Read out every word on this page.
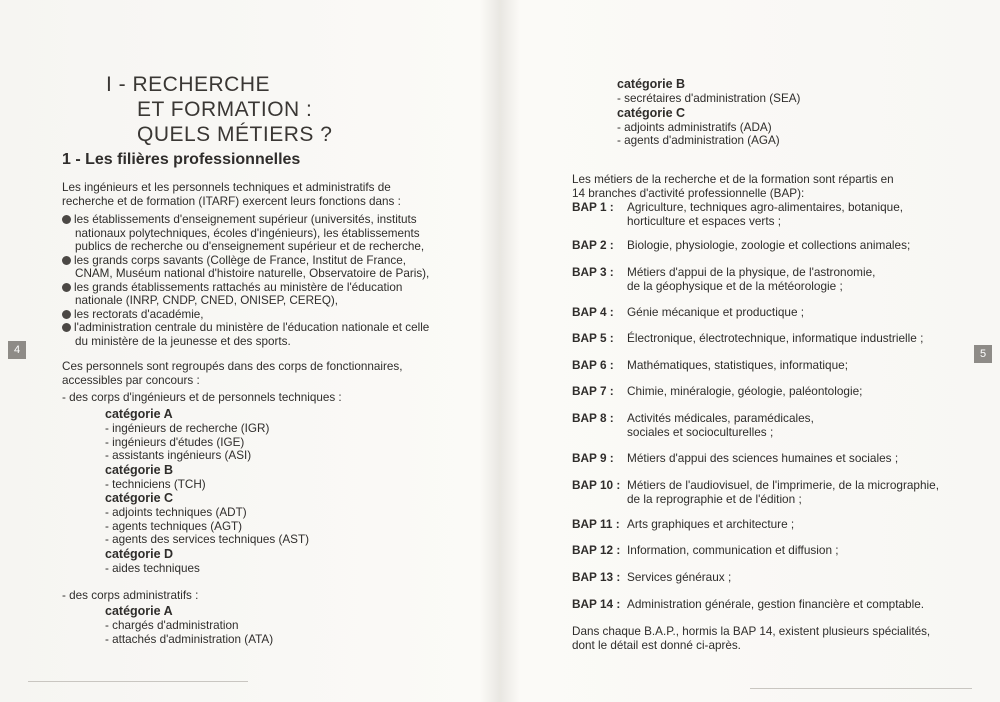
4
I - RECHERCHE
ET FORMATION :
QUELS MÉTIERS ?
1 - Les filières professionnelles
Les ingénieurs et les personnels techniques et administratifs de
recherche et de formation (ITARF) exercent leurs fonctions dans :
les établissements d'enseignement supérieur (universités, instituts
nationaux polytechniques, écoles d'ingénieurs), les établissements
publics de recherche ou d'enseignement supérieur et de recherche,
les grands corps savants (Collège de France, Institut de France,
CNAM, Muséum national d'histoire naturelle, Observatoire de Paris),
les grands établissements rattachés au ministère de l'éducation
nationale (INRP, CNDP, CNED, ONISEP, CEREQ),
les rectorats d'académie,
l'administration centrale du ministère de l'éducation nationale et celle
du ministère de la jeunesse et des sports.
Ces personnels sont regroupés dans des corps de fonctionnaires,
accessibles par concours :
- des corps d'ingénieurs et de personnels techniques :
catégorie A
- ingénieurs de recherche (IGR)
- ingénieurs d'études (IGE)
- assistants ingénieurs (ASI)
catégorie B
- techniciens (TCH)
catégorie C
- adjoints techniques (ADT)
- agents techniques (AGT)
- agents des services techniques (AST)
catégorie D
- aides techniques
- des corps administratifs :
catégorie A
- chargés d'administration
- attachés d'administration (ATA)
5
catégorie B
- secrétaires d'administration (SEA)
catégorie C
- adjoints administratifs (ADA)
- agents d'administration (AGA)
Les métiers de la recherche et de la formation sont répartis en
14 branches d'activité professionnelle (BAP):
Dans chaque B.A.P., hormis la BAP 14, existent plusieurs spécialités,
dont le détail est donné ci-après.
BAP 1 : Agriculture, techniques agro-alimentaires, botanique,
horticulture et espaces verts ;
BAP 2 : Biologie, physiologie, zoologie et collections animales;
BAP 3 : Métiers d'appui de la physique, de l'astronomie,
de la géophysique et de la météorologie ;
BAP 4 : Génie mécanique et productique ;
BAP 5 : Électronique, électrotechnique, informatique industrielle ;
BAP 6 : Mathématiques, statistiques, informatique;
BAP 7 : Chimie, minéralogie, géologie, paléontologie;
BAP 8 : Activités médicales, paramédicales,
sociales et socioculturelles ;
BAP 9 : Métiers d'appui des sciences humaines et sociales ;
BAP 10 : Métiers de l'audiovisuel, de l'imprimerie, de la micrographie,
de la reprographie et de l'édition ;
BAP 11 : Arts graphiques et architecture ;
BAP 12 : Information, communication et diffusion ;
BAP 13 : Services généraux ;
BAP 14 : Administration générale, gestion financière et comptable.
